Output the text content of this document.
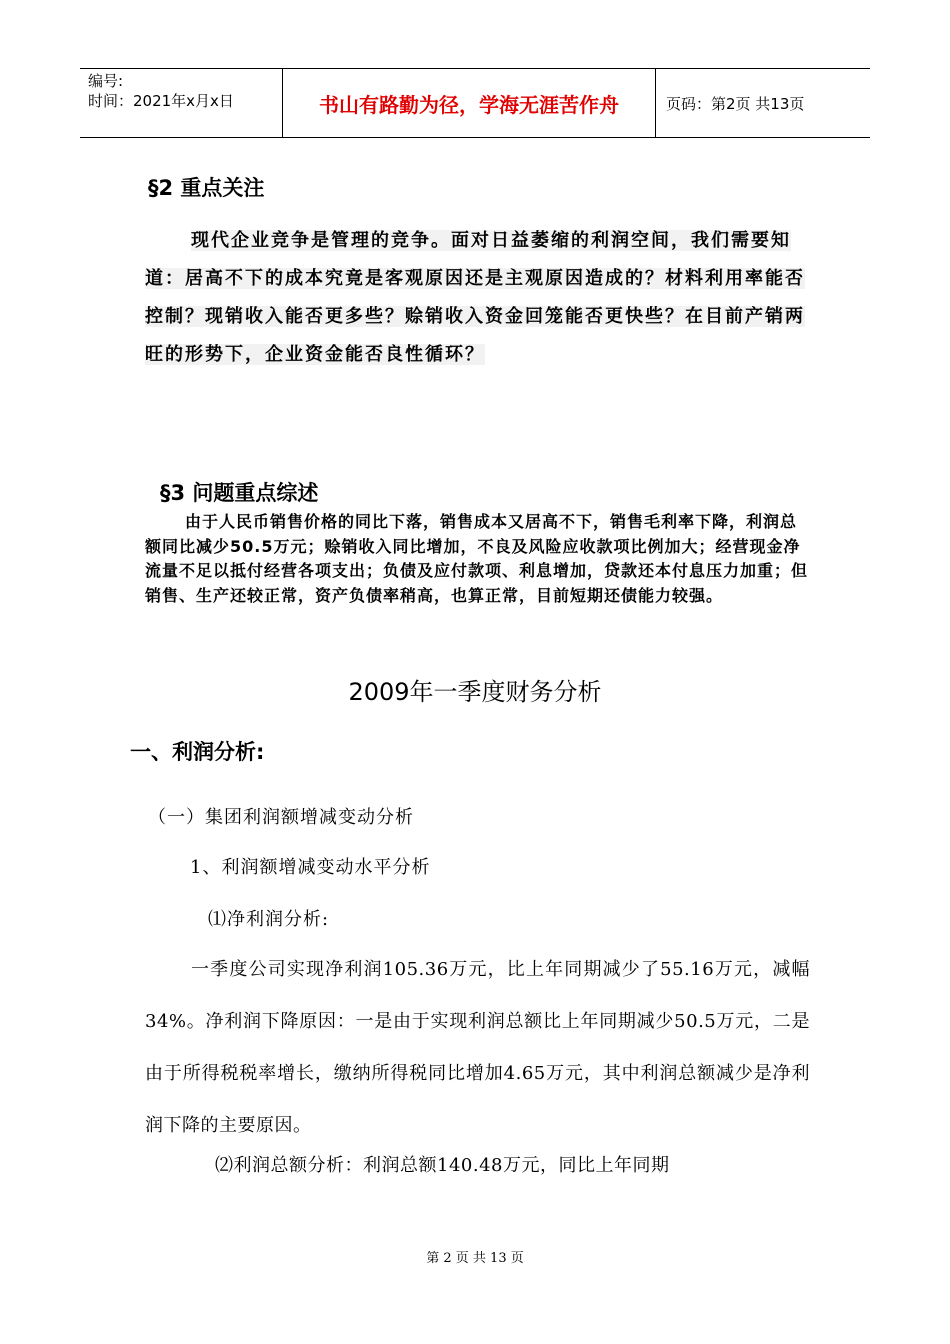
编号:
时间：2021年x月x日	书山有路勤为径，学海无涯苦作舟	页码：第2页 共13页
§2 重点关注
现代企业竞争是管理的竞争。面对日益萎缩的利润空间，我们需要知道：居高不下的成本究竟是客观原因还是主观原因造成的？材料利用率能否控制？现销收入能否更多些？赊销收入资金回笼能否更快些？在目前产销两旺的形势下，企业资金能否良性循环？
§3 问题重点综述
由于人民币销售价格的同比下落，销售成本又居高不下，销售毛利率下降，利润总额同比减少50.5万元；赊销收入同比增加，不良及风险应收款项比例加大；经营现金净流量不足以抵付经营各项支出；负债及应付款项、利息增加，贷款还本付息压力加重；但销售、生产还较正常，资产负债率稍高，也算正常，目前短期还债能力较强。
2009年一季度财务分析
一、利润分析:
（一）集团利润额增减变动分析
1、利润额增减变动水平分析
⑴净利润分析:
一季度公司实现净利润105.36万元，比上年同期减少了55.16万元，减幅34%。净利润下降原因：一是由于实现利润总额比上年同期减少50.5万元，二是由于所得税税率增长，缴纳所得税同比增加4.65万元，其中利润总额减少是净利润下降的主要原因。
⑵利润总额分析：利润总额140.48万元，同比上年同期
第 2 页 共 13 页
